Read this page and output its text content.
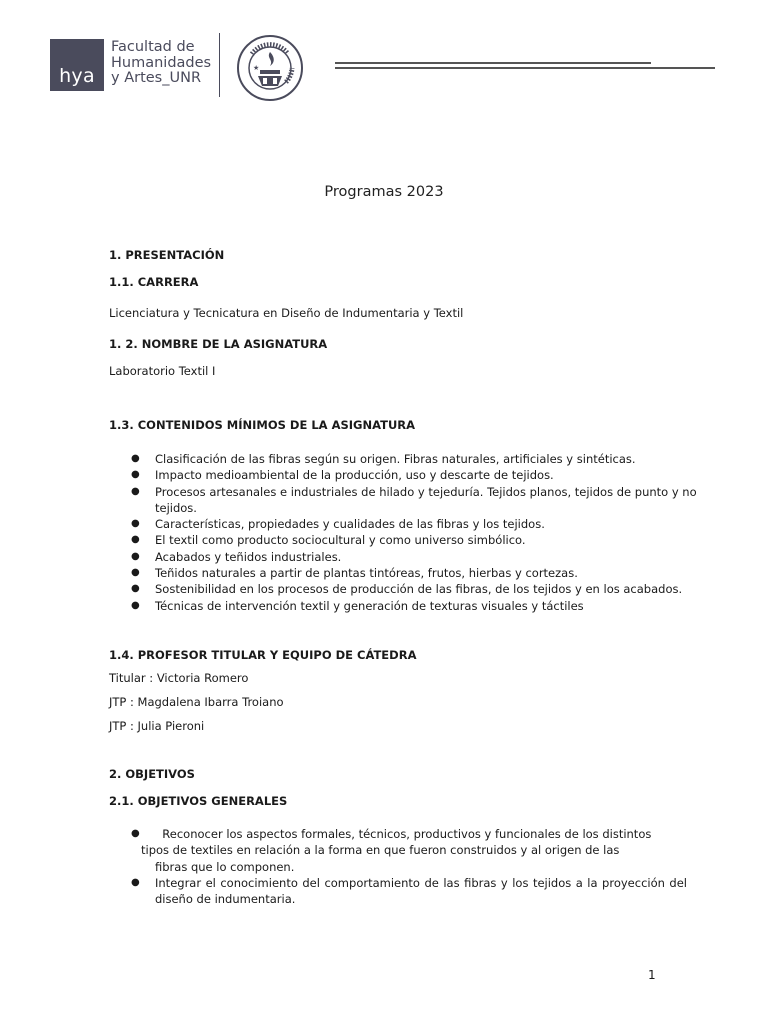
hya
Facultad de
Humanidades
y Artes_UNR
★
Programas 2023
1. PRESENTACIÓN
1.1. CARRERA
Licenciatura y Tecnicatura en Diseño de Indumentaria y Textil
1. 2. NOMBRE DE LA ASIGNATURA
Laboratorio Textil I
1.3. CONTENIDOS MÍNIMOS DE LA ASIGNATURA
● Clasificación de las fibras según su origen. Fibras naturales, artificiales y sintéticas.
● Impacto medioambiental de la producción, uso y descarte de tejidos.
● Procesos artesanales e industriales de hilado y tejeduría. Tejidos planos, tejidos de punto y no tejidos.
● Características, propiedades y cualidades de las fibras y los tejidos.
● El textil como producto sociocultural y como universo simbólico.
● Acabados y teñidos industriales.
● Teñidos naturales a partir de plantas tintóreas, frutos, hierbas y cortezas.
● Sostenibilidad en los procesos de producción de las fibras, de los tejidos y en los acabados.
● Técnicas de intervención textil y generación de texturas visuales y táctiles
1.4. PROFESOR TITULAR Y EQUIPO DE CÁTEDRA
Titular : Victoria Romero
JTP : Magdalena Ibarra Troiano
JTP : Julia Pieroni
2. OBJETIVOS
2.1. OBJETIVOS GENERALES
●	Reconocer los aspectos formales, técnicos, productivos y funcionales de los distintos
tipos de textiles en relación a la forma en que fueron construidos y al origen de las
fibras que lo componen.
● Integrar el conocimiento del comportamiento de las fibras y los tejidos a la proyección del diseño de indumentaria.
1
